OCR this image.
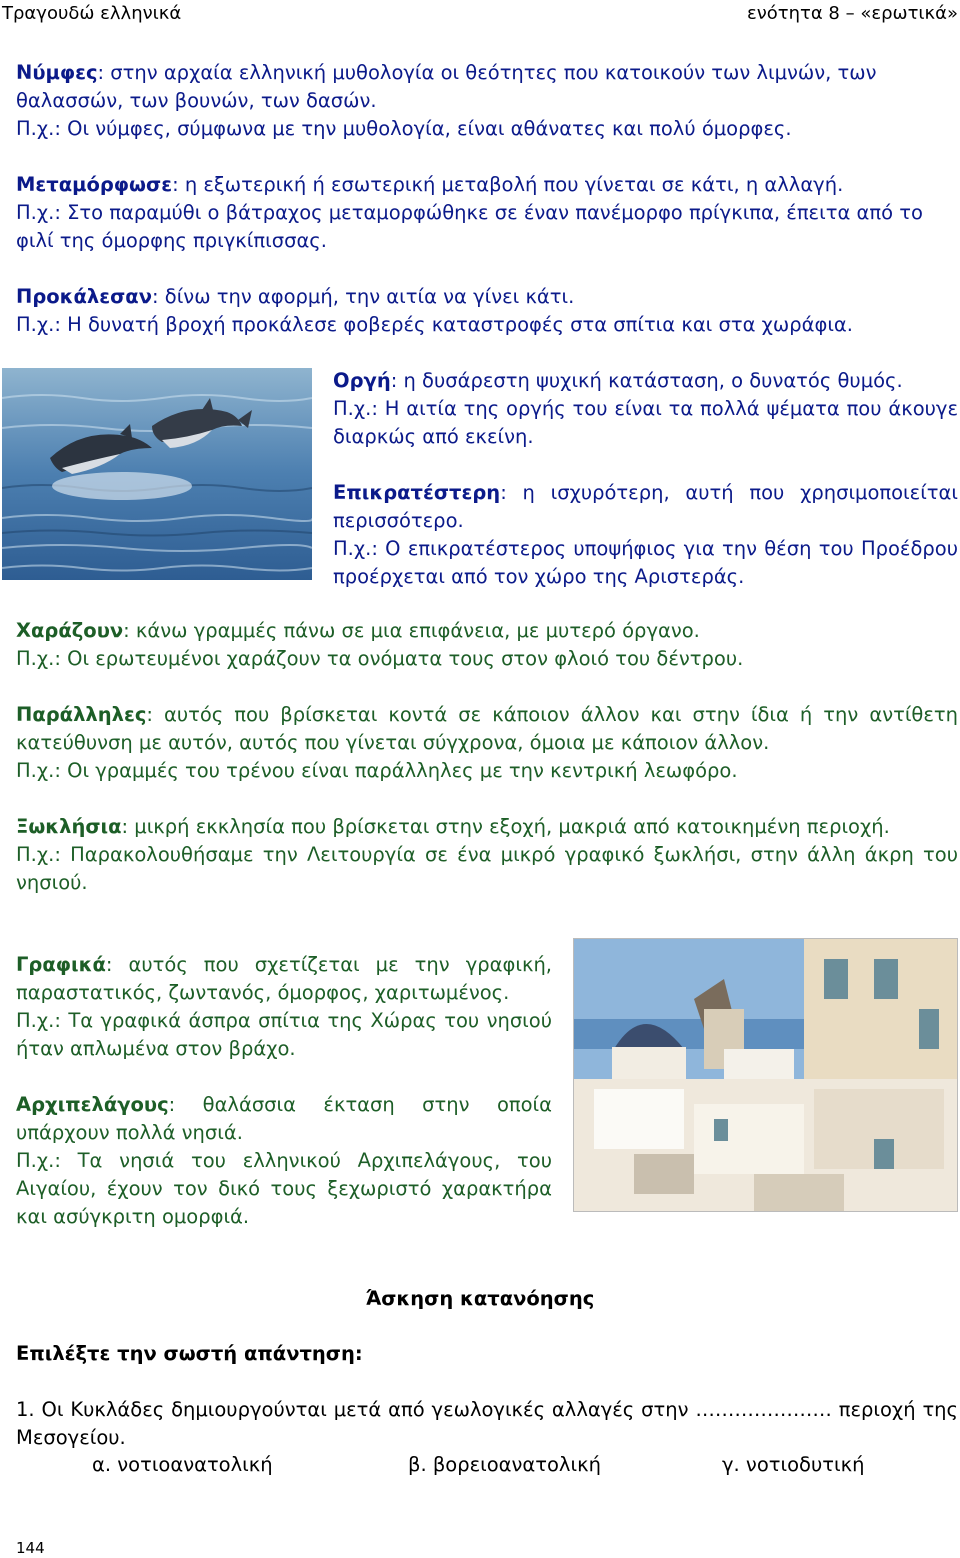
Τραγουδώ ελληνικά	ενότητα 8 – «ερωτικά»

Νύμφες: στην αρχαία ελληνική μυθολογία οι θεότητες που κατοικούν των λιμνών, των θαλασσών, των βουνών, των δασών.

Π.χ.: Οι νύμφες, σύμφωνα με την μυθολογία, είναι αθάνατες και πολύ όμορφες.

Μεταμόρφωσε: η εξωτερική ή εσωτερική μεταβολή που γίνεται σε κάτι, η αλλαγή.

Π.χ.: Στο παραμύθι ο βάτραχος μεταμορφώθηκε σε έναν πανέμορφο πρίγκιπα, έπειτα από το φιλί της όμορφης πριγκίπισσας.

Προκάλεσαν: δίνω την αφορμή, την αιτία να γίνει κάτι.

Π.χ.: Η δυνατή βροχή προκάλεσε φοβερές καταστροφές στα σπίτια και στα χωράφια.

Οργή: η δυσάρεστη ψυχική κατάσταση, ο δυνατός θυμός.

Π.χ.: Η αιτία της οργής του είναι τα πολλά ψέματα που άκουγε διαρκώς από εκείνη.

Επικρατέστερη: η ισχυρότερη, αυτή που χρησιμοποιείται περισσότερο.

Π.χ.: Ο επικρατέστερος υποψήφιος για την θέση του Προέδρου προέρχεται από τον χώρο της Αριστεράς.

Χαράζουν: κάνω γραμμές πάνω σε μια επιφάνεια, με μυτερό όργανο.

Π.χ.: Οι ερωτευμένοι χαράζουν τα ονόματα τους στον φλοιό του δέντρου.

Παράλληλες: αυτός που βρίσκεται κοντά σε κάποιον άλλον και στην ίδια ή την αντίθετη κατεύθυνση με αυτόν, αυτός που γίνεται σύγχρονα, όμοια με κάποιον άλλον.

Π.χ.: Οι γραμμές του τρένου είναι παράλληλες με την κεντρική λεωφόρο.

Ξωκλήσια: μικρή εκκλησία που βρίσκεται στην εξοχή, μακριά από κατοικημένη περιοχή.

Π.χ.: Παρακολουθήσαμε την Λειτουργία σε ένα μικρό γραφικό ξωκλήσι, στην άλλη άκρη του νησιού.

Γραφικά: αυτός που σχετίζεται με την γραφική, παραστατικός, ζωντανός, όμορφος, χαριτωμένος.

Π.χ.: Τα γραφικά άσπρα σπίτια της Χώρας του νησιού ήταν απλωμένα στον βράχο.

Αρχιπελάγους: θαλάσσια έκταση στην οποία υπάρχουν πολλά νησιά.

Π.χ.: Τα νησιά του ελληνικού Αρχιπελάγους, του Αιγαίου, έχουν τον δικό τους ξεχωριστό χαρακτήρα και ασύγκριτη ομορφιά.

Άσκηση κατανόησης
Επιλέξτε την σωστή απάντηση:
1. Οι Κυκλάδες δημιουργούνται μετά από γεωλογικές αλλαγές στην ………………… περιοχή της Μεσογείου.
α. νοτιοανατολική	β. βορειοανατολική	γ. νοτιοδυτική
144
